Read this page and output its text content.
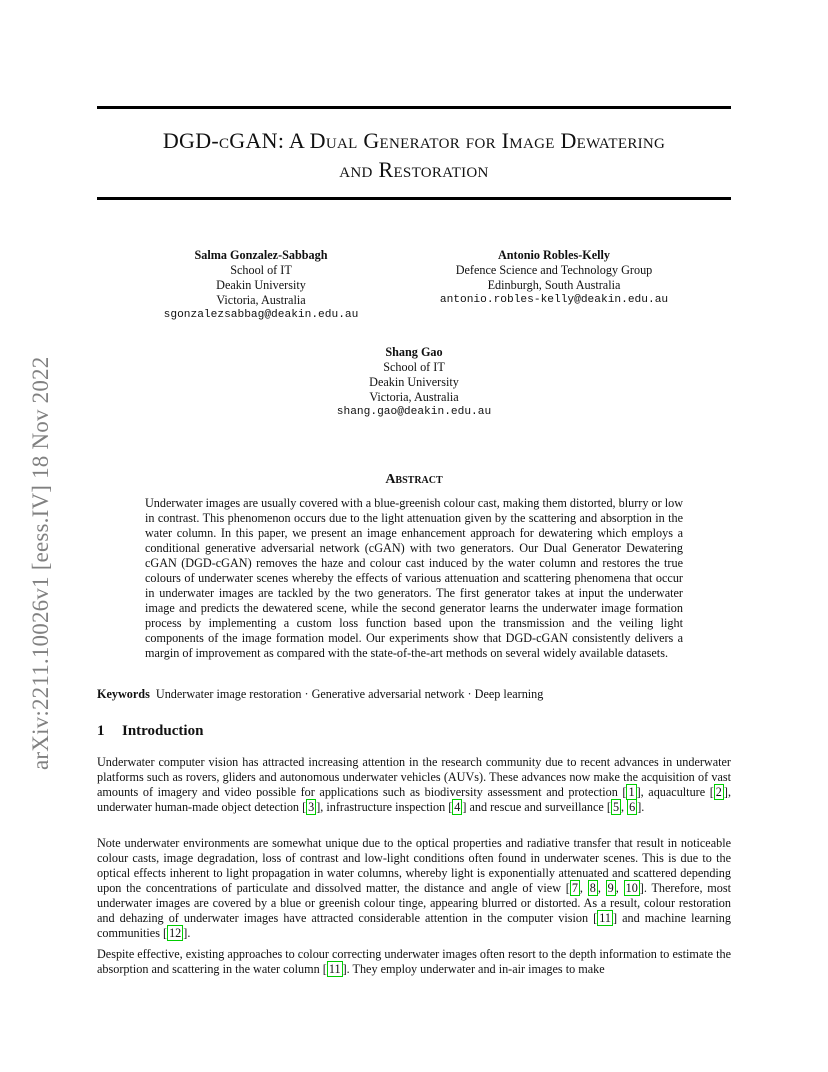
arXiv:2211.10026v1 [eess.IV] 18 Nov 2022
DGD-cGAN: A Dual Generator for Image Dewatering
and Restoration
Salma Gonzalez-Sabbagh
School of IT
Deakin University
Victoria, Australia
sgonzalezsabbag@deakin.edu.au
Antonio Robles-Kelly
Defence Science and Technology Group
Edinburgh, South Australia
antonio.robles-kelly@deakin.edu.au
Shang Gao
School of IT
Deakin University
Victoria, Australia
shang.gao@deakin.edu.au
Abstract
Underwater images are usually covered with a blue-greenish colour cast, making them distorted, blurry or low in contrast. This phenomenon occurs due to the light attenuation given by the scattering and absorption in the water column. In this paper, we present an image enhancement approach for dewatering which employs a conditional generative adversarial network (cGAN) with two generators. Our Dual Generator Dewatering cGAN (DGD-cGAN) removes the haze and colour cast induced by the water column and restores the true colours of underwater scenes whereby the effects of various attenuation and scattering phenomena that occur in underwater images are tackled by the two generators. The first generator takes at input the underwater image and predicts the dewatered scene, while the second generator learns the underwater image formation process by implementing a custom loss function based upon the transmission and the veiling light components of the image formation model. Our experiments show that DGD-cGAN consistently delivers a margin of improvement as compared with the state-of-the-art methods on several widely available datasets.
Keywords Underwater image restoration · Generative adversarial network · Deep learning
1 Introduction

Underwater computer vision has attracted increasing attention in the research community due to recent advances in underwater platforms such as rovers, gliders and autonomous underwater vehicles (AUVs). These advances now make the acquisition of vast amounts of imagery and video possible for applications such as biodiversity assessment and protection [ 1 ], aquaculture [ 2 ], underwater human-made object detection [ 3 ], infrastructure inspection [ 4 ] and rescue and surveillance [ 5 , 6 ].

Note underwater environments are somewhat unique due to the optical properties and radiative transfer that result in noticeable colour casts, image degradation, loss of contrast and low-light conditions often found in underwater scenes. This is due to the optical effects inherent to light propagation in water columns, whereby light is exponentially attenuated and scattered depending upon the concentrations of particulate and dissolved matter, the distance and angle of view [ 7 , 8 , 9 , 10 ]. Therefore, most underwater images are covered by a blue or greenish colour tinge, appearing blurred or distorted. As a result, colour restoration and dehazing of underwater images have attracted considerable attention in the computer vision [ 11 ] and machine learning communities [ 12 ].

Despite effective, existing approaches to colour correcting underwater images often resort to the depth information to estimate the absorption and scattering in the water column [ 11 ]. They employ underwater and in-air images to make
